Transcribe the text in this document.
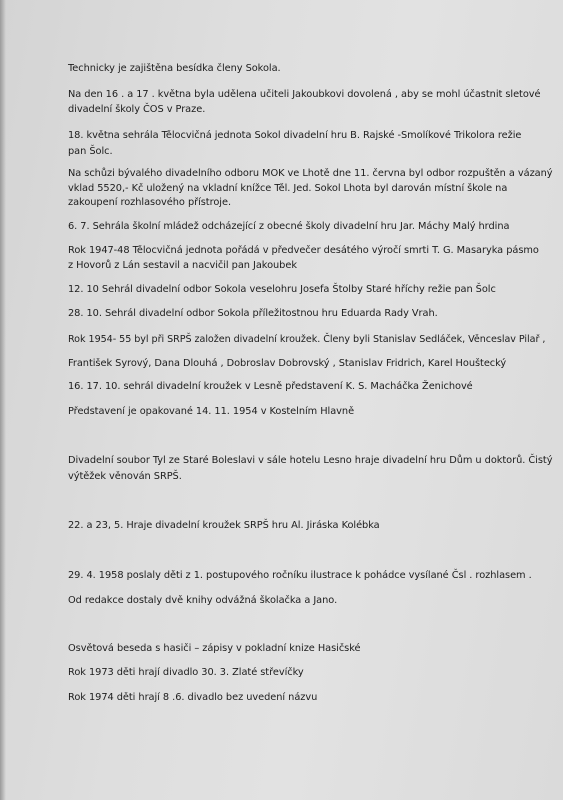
Technicky je zajištěna besídka členy Sokola.
Na den 16 . a 17 . května byla udělena učiteli Jakoubkovi dovolená , aby se mohl účastnit sletové
divadelní školy ČOS v Praze.
18. května sehrála Tělocvičná jednota Sokol divadelní hru B. Rajské -Smolíkové Trikolora režie
pan Šolc.
Na schůzi bývalého divadelního odboru MOK ve Lhotě dne 11. června byl odbor rozpuštěn a vázaný
vklad 5520,- Kč uložený na vkladní knížce Těl. Jed. Sokol Lhota byl darován místní škole na
zakoupení rozhlasového přístroje.
6. 7. Sehrála školní mládež odcházející z obecné školy divadelní hru Jar. Máchy Malý hrdina
Rok 1947-48 Tělocvičná jednota pořádá v předvečer desátého výročí smrti T. G. Masaryka pásmo
z Hovorů z Lán sestavil a nacvičil pan Jakoubek
12. 10 Sehrál divadelní odbor Sokola veselohru Josefa Štolby Staré hříchy režie pan Šolc
28. 10. Sehrál divadelní odbor Sokola příležitostnou hru Eduarda Rady Vrah.
Rok 1954- 55 byl při SRPŠ založen divadelní kroužek. Členy byli Stanislav Sedláček, Věnceslav Pilař ,
František Syrový, Dana Dlouhá , Dobroslav Dobrovský , Stanislav Fridrich, Karel Houštecký
16. 17. 10. sehrál divadelní kroužek v Lesně představení K. S. Macháčka Ženichové
Představení je opakované 14. 11. 1954 v Kostelním Hlavně
Divadelní soubor Tyl ze Staré Boleslavi v sále hotelu Lesno hraje divadelní hru Dům u doktorů. Čistý
výtěžek věnován SRPŠ.
22. a 23, 5. Hraje divadelní kroužek SRPŠ hru Al. Jiráska Kolébka
29. 4. 1958 poslaly děti z 1. postupového ročníku ilustrace k pohádce vysílané Čsl . rozhlasem .
Od redakce dostaly dvě knihy odvážná školačka a Jano.
Osvětová beseda s hasiči – zápisy v pokladní knize Hasičské
Rok 1973 děti hrají divadlo 30. 3. Zlaté střevíčky
Rok 1974 děti hrají 8 .6. divadlo bez uvedení názvu
